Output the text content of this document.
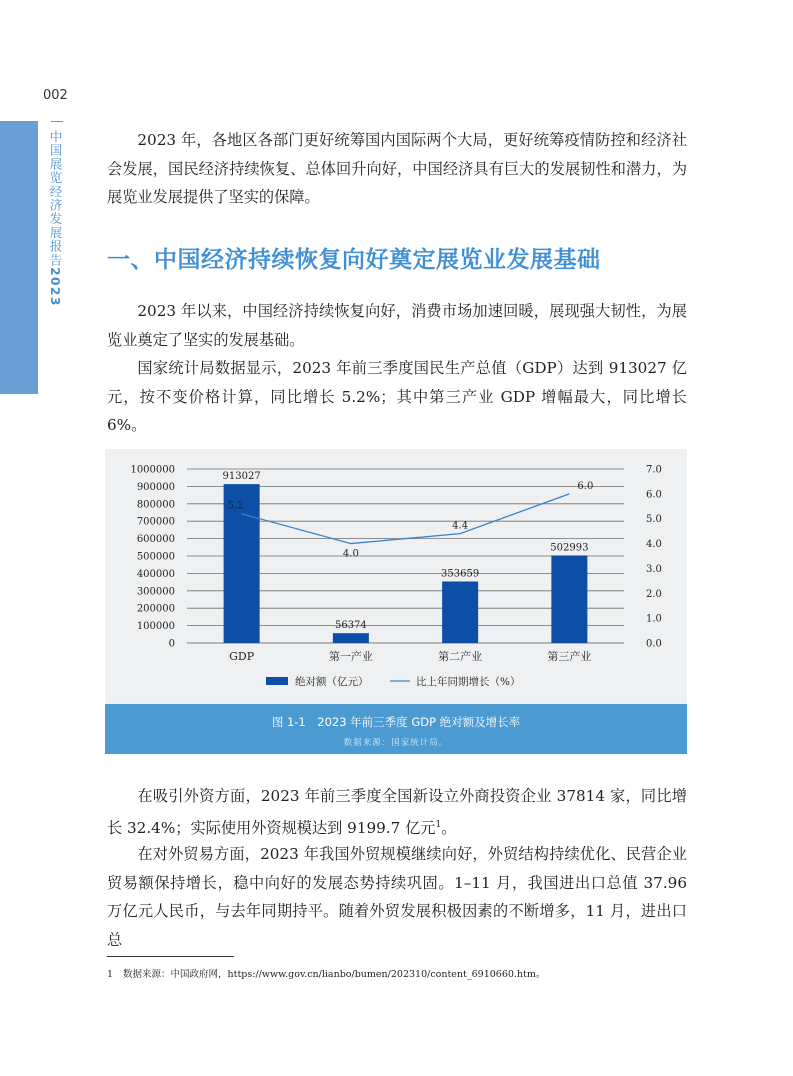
002
中国展览经济发展报告2023

2023 年，各地区各部门更好统筹国内国际两个大局，更好统筹疫情防控和经济社会发展，国民经济持续恢复、总体回升向好，中国经济具有巨大的发展韧性和潜力，为展览业发展提供了坚实的保障。

一、中国经济持续恢复向好奠定展览业发展基础

2023 年以来，中国经济持续恢复向好，消费市场加速回暖，展现强大韧性，为展览业奠定了坚实的发展基础。

国家统计局数据显示，2023 年前三季度国民生产总值（GDP）达到 913027 亿元，按不变价格计算，同比增长 5.2%；其中第三产业 GDP 增幅最大，同比增长 6%。

0
100000
200000
300000
400000
500000
600000
700000
800000
900000
1000000
0.0
1.0
2.0
3.0
4.0
5.0
6.0
7.0
913027
56374
353659
502993
GDP	第一产业	第二产业	第三产业
5.2
4.0
4.4
6.0
绝对额（亿元）	比上年同期增长（%）
图 1-1　2023 年前三季度 GDP 绝对额及增长率
数据来源：国家统计局。

在吸引外资方面，2023 年前三季度全国新设立外商投资企业 37814 家，同比增长 32.4%；实际使用外资规模达到 9199.7 亿元$^1$。

在对外贸易方面，2023 年我国外贸规模继续向好，外贸结构持续优化、民营企业贸易额保持增长，稳中向好的发展态势持续巩固。1–11 月，我国进出口总值 37.96 万亿元人民币，与去年同期持平。随着外贸发展积极因素的不断增多，11 月，进出口总

1 数据来源：中国政府网，https://www.gov.cn/lianbo/bumen/202310/content_6910660.htm。
